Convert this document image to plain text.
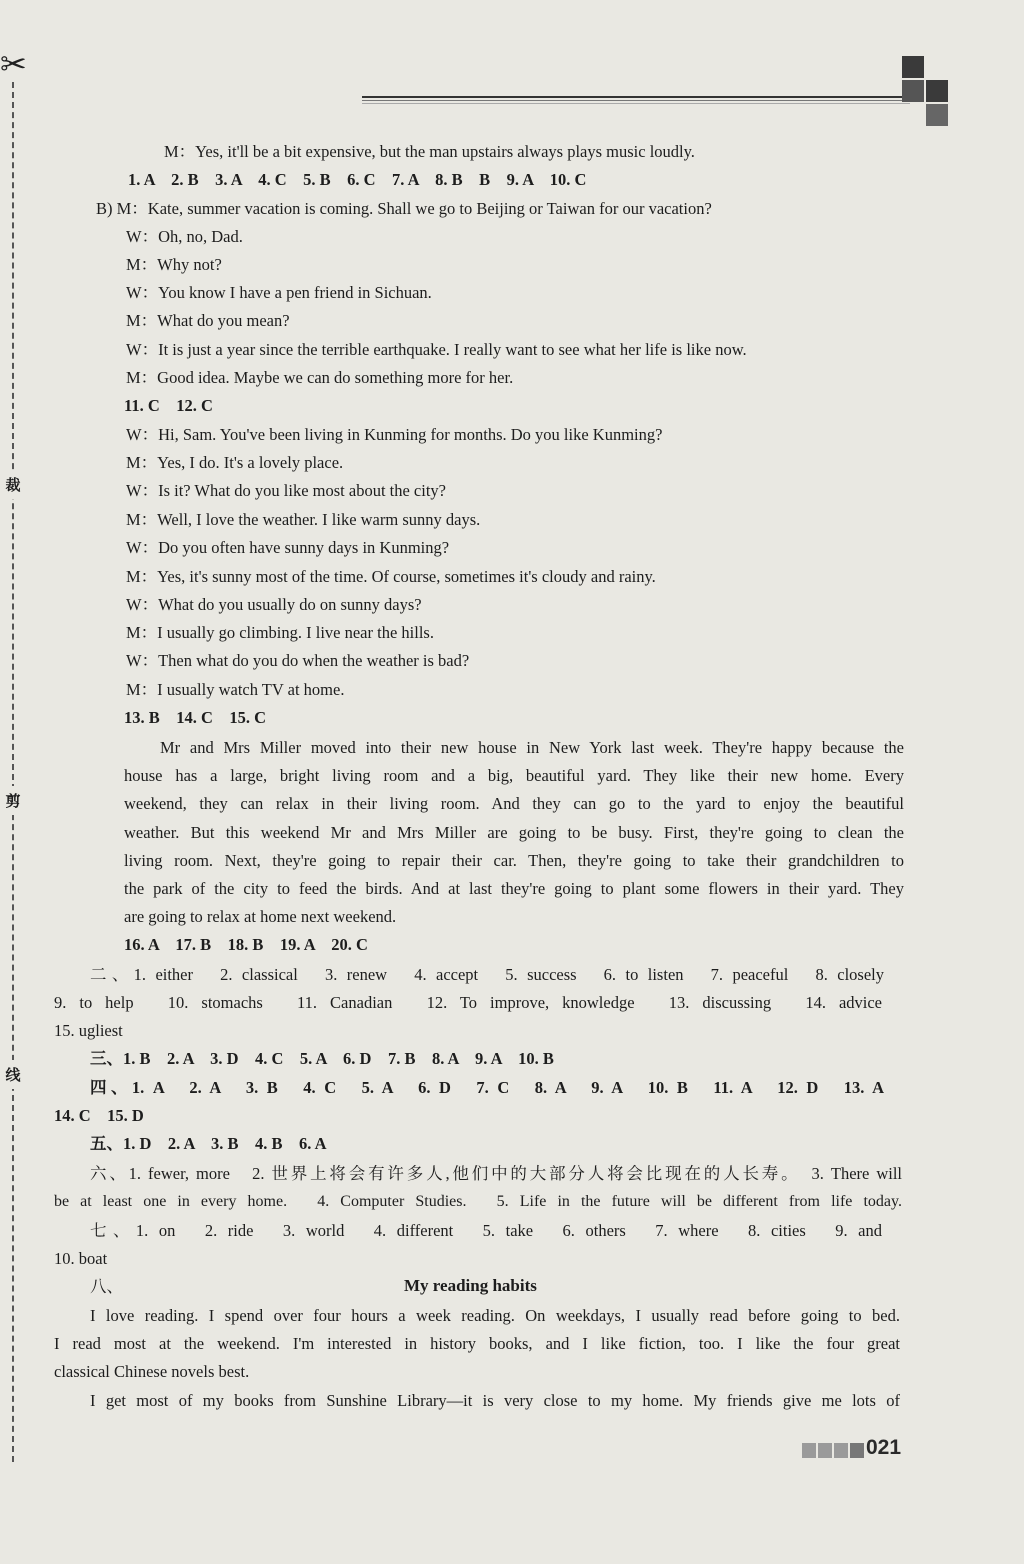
✂
裁
剪
线
M：Yes, it'll be a bit expensive, but the man upstairs always plays music loudly.
1. A　2. B　3. A　4. C　5. B　6. C　7. A　8. B　B　9. A　10. C
B) M：Kate, summer vacation is coming. Shall we go to Beijing or Taiwan for our vacation?
W：Oh, no, Dad.
M：Why not?
W：You know I have a pen friend in Sichuan.
M：What do you mean?
W：It is just a year since the terrible earthquake. I really want to see what her life is like now.
M：Good idea. Maybe we can do something more for her.
11. C　12. C
W：Hi, Sam. You've been living in Kunming for months. Do you like Kunming?
M：Yes, I do. It's a lovely place.
W：Is it? What do you like most about the city?
M：Well, I love the weather. I like warm sunny days.
W：Do you often have sunny days in Kunming?
M：Yes, it's sunny most of the time. Of course, sometimes it's cloudy and rainy.
W：What do you usually do on sunny days?
M：I usually go climbing. I live near the hills.
W：Then what do you do when the weather is bad?
M：I usually watch TV at home.
13. B　14. C　15. C
Mr and Mrs Miller moved into their new house in New York last week. They're happy because the
house has a large, bright living room and a big, beautiful yard. They like their new home. Every
weekend, they can relax in their living room. And they can go to the yard to enjoy the beautiful
weather. But this weekend Mr and Mrs Miller are going to be busy. First, they're going to clean the
living room. Next, they're going to repair their car. Then, they're going to take their grandchildren to
the park of the city to feed the birds. And at last they're going to plant some flowers in their yard. They
are going to relax at home next weekend.
16. A　17. B　18. B　19. A　20. C
二、1. either　2. classical　3. renew　4. accept　5. success　6. to listen　7. peaceful　8. closely
9. to help　10. stomachs　11. Canadian　12. To improve, knowledge　13. discussing　14. advice
15. ugliest
三、1. B　2. A　3. D　4. C　5. A　6. D　7. B　8. A　9. A　10. B
四、1. A　2. A　3. B　4. C　5. A　6. D　7. C　8. A　9. A　10. B　11. A　12. D　13. A
14. C　15. D
五、1. D　2. A　3. B　4. B　6. A
六、1. fewer, more　2. 世界上将会有许多人,他们中的大部分人将会比现在的人长寿。　3. There will
be at least one in every home.　4. Computer Studies.　5. Life in the future will be different from life today.
七、1. on　2. ride　3. world　4. different　5. take　6. others　7. where　8. cities　9. and
10. boat
八、	My reading habits
I love reading. I spend over four hours a week reading. On weekdays, I usually read before going to bed.
I read most at the weekend. I'm interested in history books, and I like fiction, too. I like the four great
classical Chinese novels best.
I get most of my books from Sunshine Library—it is very close to my home. My friends give me lots of
021
